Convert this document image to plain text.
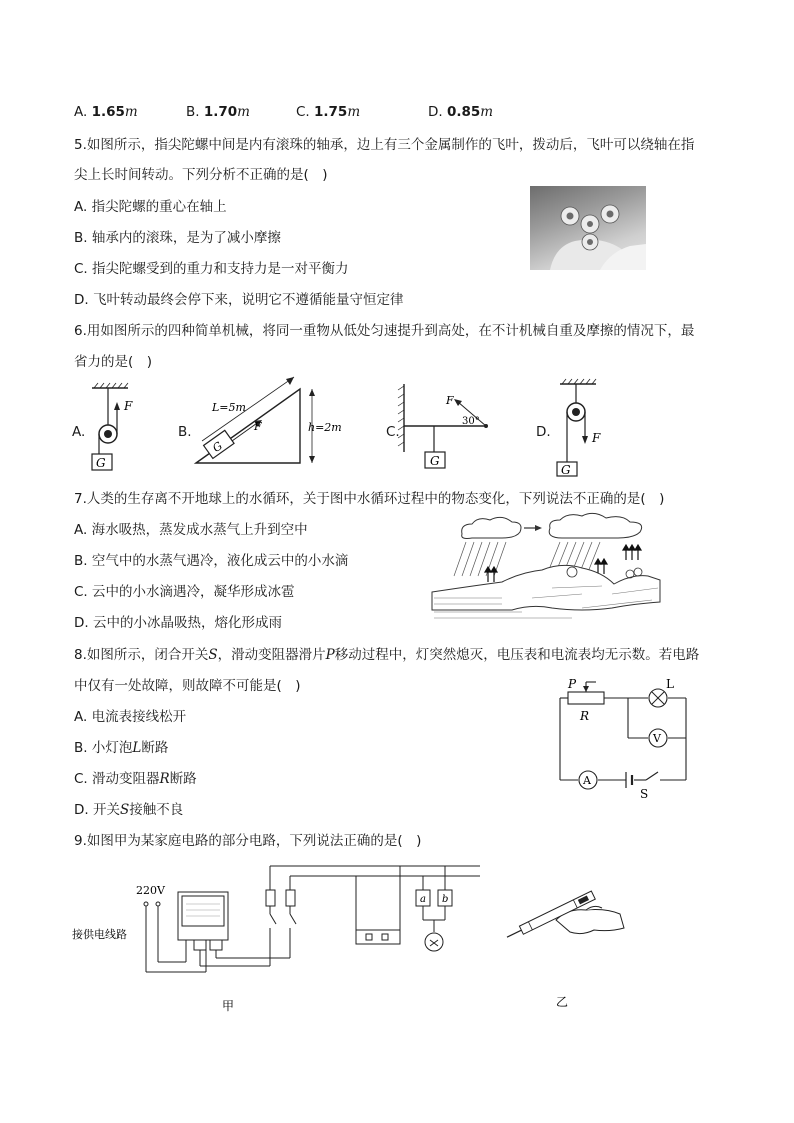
A. 1.65 m	B. 1.70 m	C. 1.75 m	D. 0.85 m
5.如图所示，指尖陀螺中间是内有滚珠的轴承，边上有三个金属制作的飞叶，拨动后，飞叶可以绕轴在指
尖上长时间转动。下列分析不正确的是(　)
A. 指尖陀螺的重心在轴上
B. 轴承内的滚珠，是为了减小摩擦
C. 指尖陀螺受到的重力和支持力是一对平衡力
D. 飞叶转动最终会停下来，说明它不遵循能量守恒定律
6.用如图所示的四种简单机械，将同一重物从低处匀速提升到高处，在不计机械自重及摩擦的情况下，最
省力的是(　)
A.	B.	C.	D.
F
G
h=2m
L=5m
G
F
F
30°
G
F
G
7.人类的生存离不开地球上的水循环，关于图中水循环过程中的物态变化，下列说法不正确的是(　)
A. 海水吸热，蒸发成水蒸气上升到空中
B. 空气中的水蒸气遇冷，液化成云中的小水滴
C. 云中的小水滴遇冷，凝华形成冰雹
D. 云中的小冰晶吸热，熔化形成雨
8.如图所示，闭合开关S，滑动变阻器滑片P移动过程中，灯突然熄灭，电压表和电流表均无示数。若电路
中仅有一处故障，则故障不可能是(　)
A. 电流表接线松开
B. 小灯泡L断路
C. 滑动变阻器R断路
D. 开关S接触不良
P
R
L
V
A
S
9.如图甲为某家庭电路的部分电路，下列说法正确的是(　)
220V
接供电线路
a b
甲	乙
